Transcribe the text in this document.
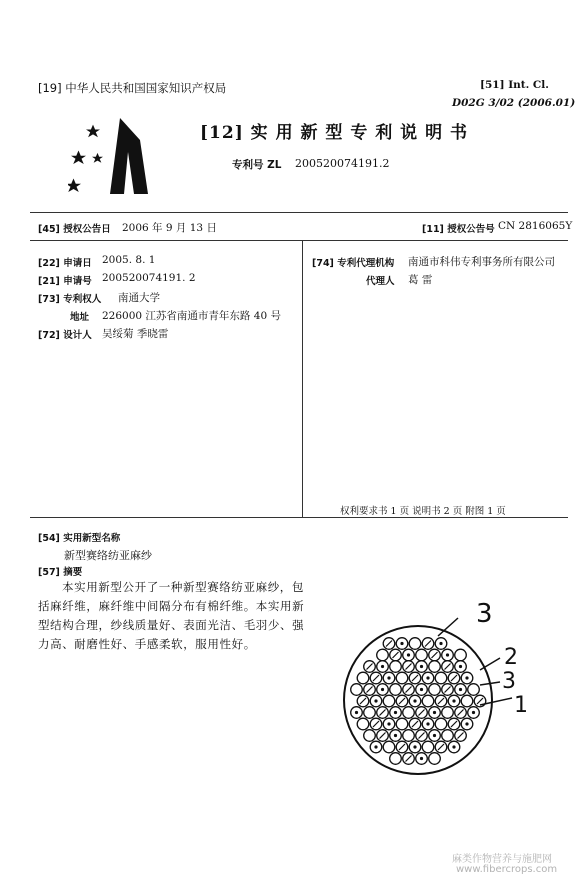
[19] 中华人民共和国国家知识产权局	[51] Int. Cl.
D02G 3/02 (2006.01)
[12] 实 用 新 型 专 利 说 明 书
专利号 ZL 200520074191.2
[45] 授权公告日 2006 年 9 月 13 日	[11] 授权公告号 CN 2816065Y
[22] 申请日 2005. 8. 1
[21] 申请号 200520074191. 2
[73] 专利权人 南通大学
地址 226000 江苏省南通市青年东路 40 号
[72] 设计人 吴绥菊 季晓雷
[74] 专利代理机构 南通市科伟专利事务所有限公司
代理人 葛 雷
权利要求书 1 页 说明书 2 页 附图 1 页
[54] 实用新型名称
新型赛络纺亚麻纱
[57] 摘要
本实用新型公开了一种新型赛络纺亚麻纱，包
括麻纤维，麻纤维中间隔分布有棉纤维。本实用新
型结构合理，纱线质量好、表面光洁、毛羽少、强
力高、耐磨性好、手感柔软，服用性好。
3
2
3
1
麻类作物营养与施肥网
www.fibercrops.com
